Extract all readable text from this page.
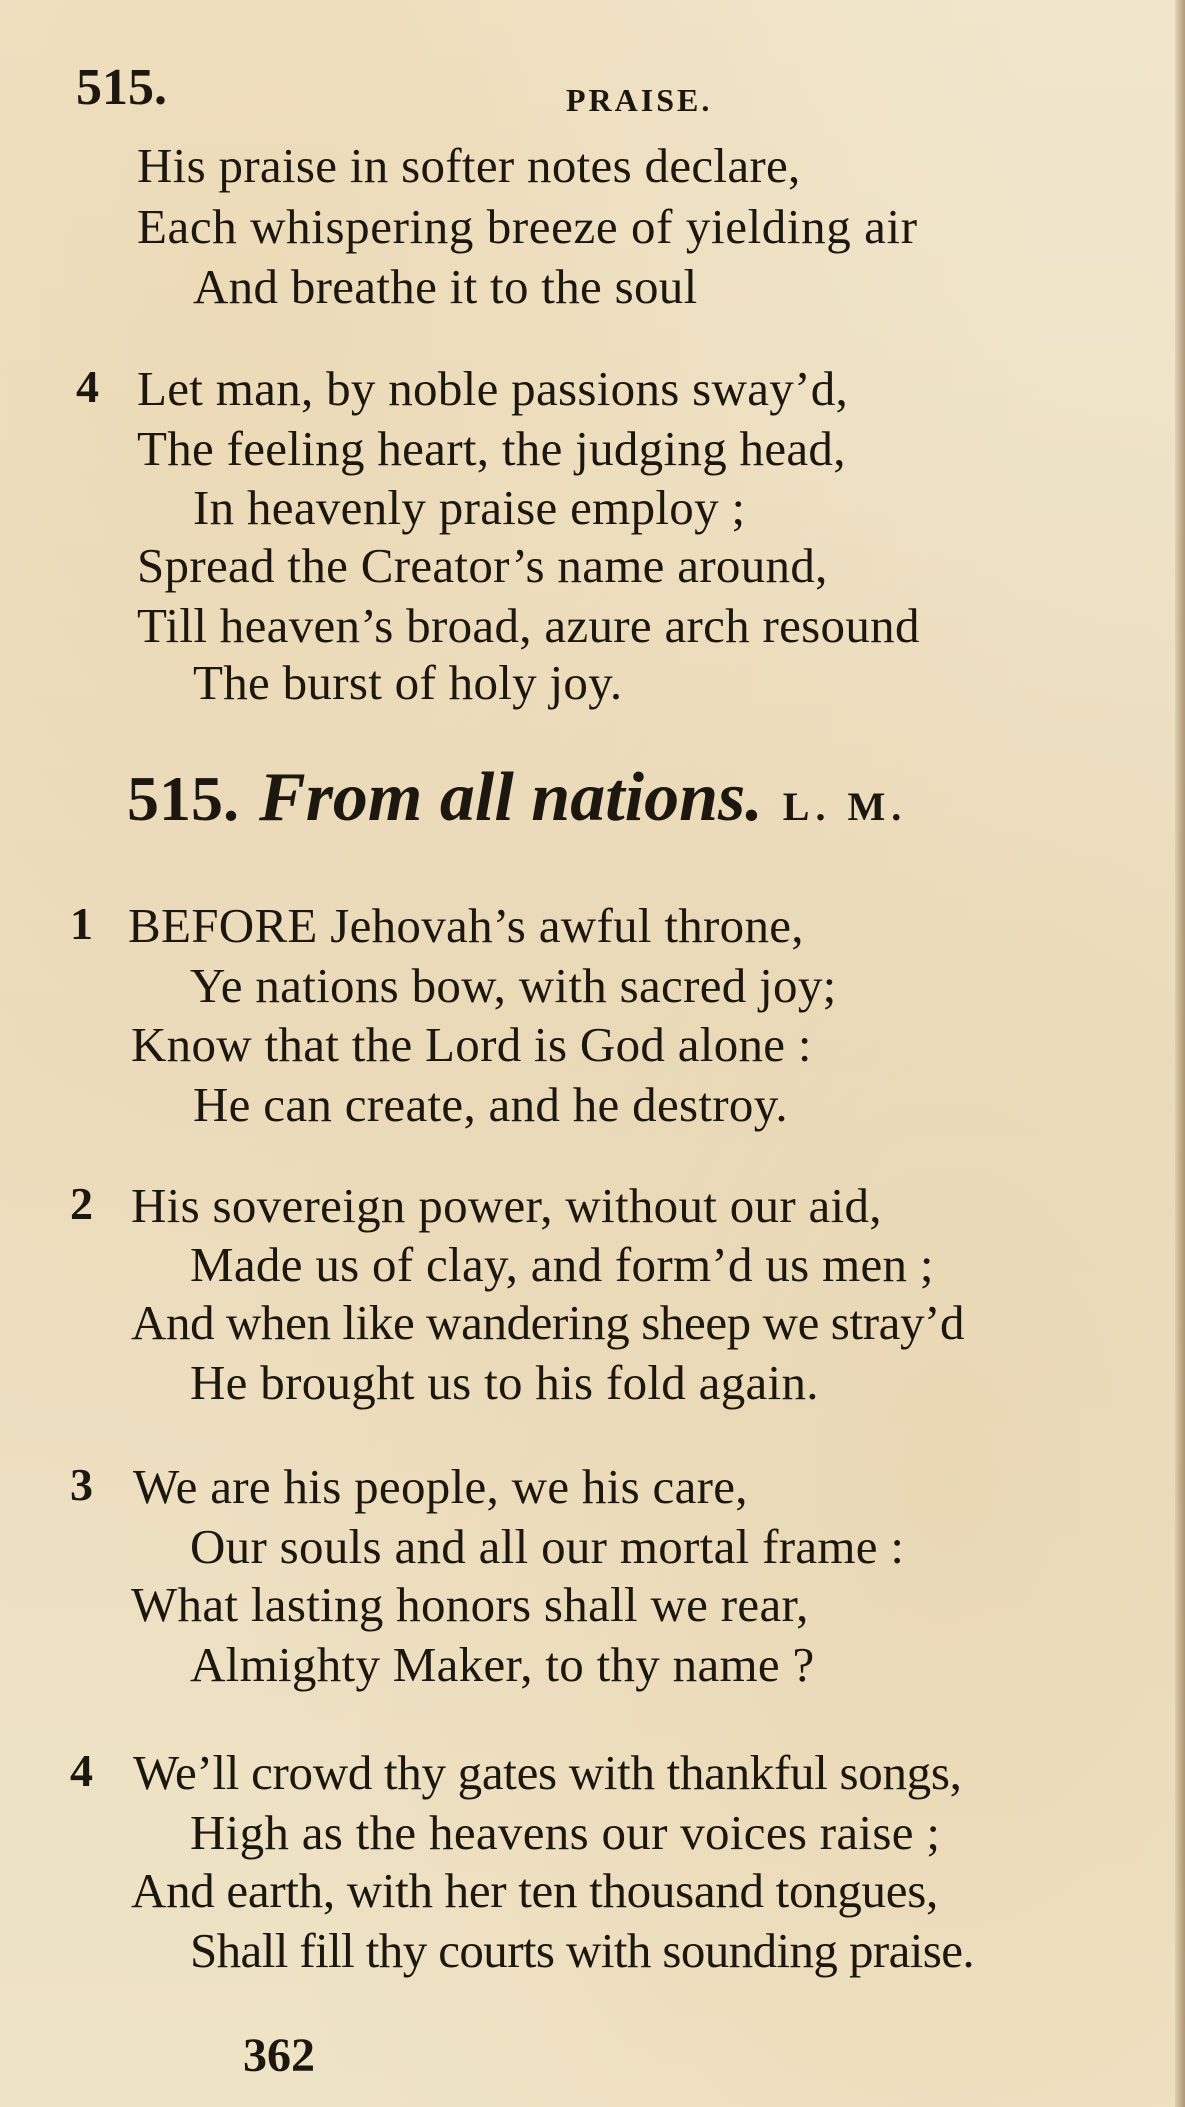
515.	PRAISE.
His praise in softer notes declare,
Each whispering breeze of yielding air
And breathe it to the soul
4 Let man, by noble passions sway’d,
The feeling heart, the judging head,
In heavenly praise employ ;
Spread the Creator’s name around,
Till heaven’s broad, azure arch resound
The burst of holy joy.
515. From all nations. L. M.
1 BEFORE Jehovah’s awful throne,
Ye nations bow, with sacred joy;
Know that the Lord is God alone :
He can create, and he destroy.
2 His sovereign power, without our aid,
Made us of clay, and form’d us men ;
And when like wandering sheep we stray’d
He brought us to his fold again.
3 We are his people, we his care,
Our souls and all our mortal frame :
What lasting honors shall we rear,
Almighty Maker, to thy name ?
4 We’ll crowd thy gates with thankful songs,
High as the heavens our voices raise ;
And earth, with her ten thousand tongues,
Shall fill thy courts with sounding praise.
362
